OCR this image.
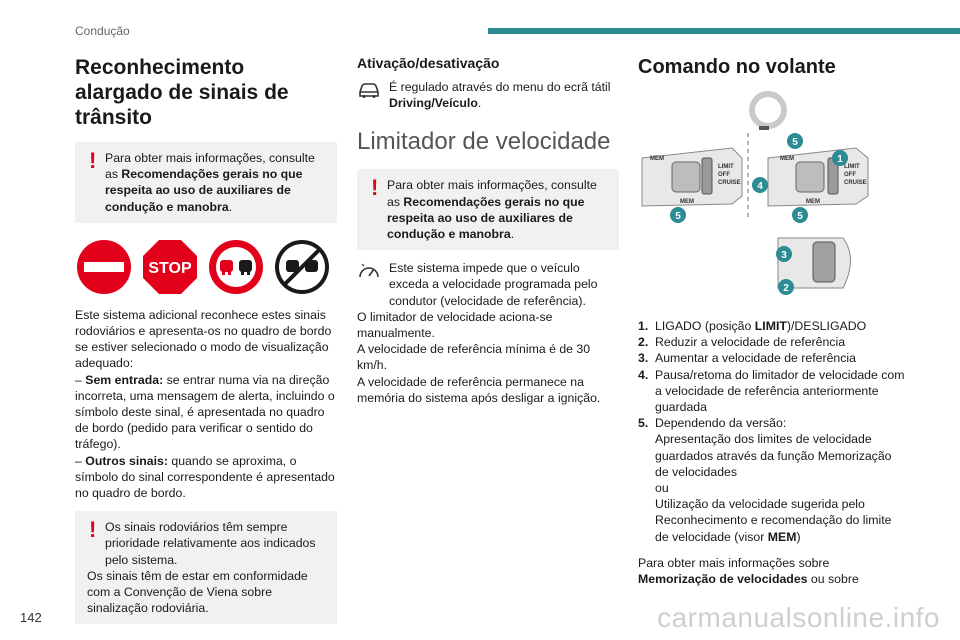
Condução
Reconhecimento alargado de sinais de trânsito
! Para obter mais informações, consulte as Recomendações gerais no que respeita ao uso de auxiliares de condução e manobra.
STOP
Este sistema adicional reconhece estes sinais rodoviários e apresenta-os no quadro de bordo se estiver selecionado o modo de visualização adequado:
– Sem entrada: se entrar numa via na direção incorreta, uma mensagem de alerta, incluindo o símbolo deste sinal, é apresentada no quadro de bordo (pedido para verificar o sentido do tráfego).
– Outros sinais: quando se aproxima, o símbolo do sinal correspondente é apresentado no quadro de bordo.
! Os sinais rodoviários têm sempre prioridade relativamente aos indicados pelo sistema.
Os sinais têm de estar em conformidade com a Convenção de Viena sobre sinalização rodoviária.
Ativação/desativação
É regulado através do menu do ecrã tátil Driving/Veículo.
Limitador de velocidade
! Para obter mais informações, consulte as Recomendações gerais no que respeita ao uso de auxiliares de condução e manobra.
Este sistema impede que o veículo exceda a velocidade programada pelo condutor (velocidade de referência).
O limitador de velocidade aciona-se manualmente.
A velocidade de referência mínima é de 30 km/h.
A velocidade de referência permanece na memória do sistema após desligar a ignição.
Comando no volante
LIMIT
OFF
CRUISE
MEM
MEM
LIMIT
OFF
CRUISE
MEM
MEM
1
2
3
4
5
5	5
1. LIGADO (posição LIMIT)/DESLIGADO
2. Reduzir a velocidade de referência
3. Aumentar a velocidade de referência
4. Pausa/retoma do limitador de velocidade com a velocidade de referência anteriormente guardada
5. Dependendo da versão:
Apresentação dos limites de velocidade guardados através da função Memorização de velocidades
ou
Utilização da velocidade sugerida pelo Reconhecimento e recomendação do limite de velocidade (visor MEM)
Para obter mais informações sobre Memorização de velocidades ou sobre
142	carmanualsonline.info
